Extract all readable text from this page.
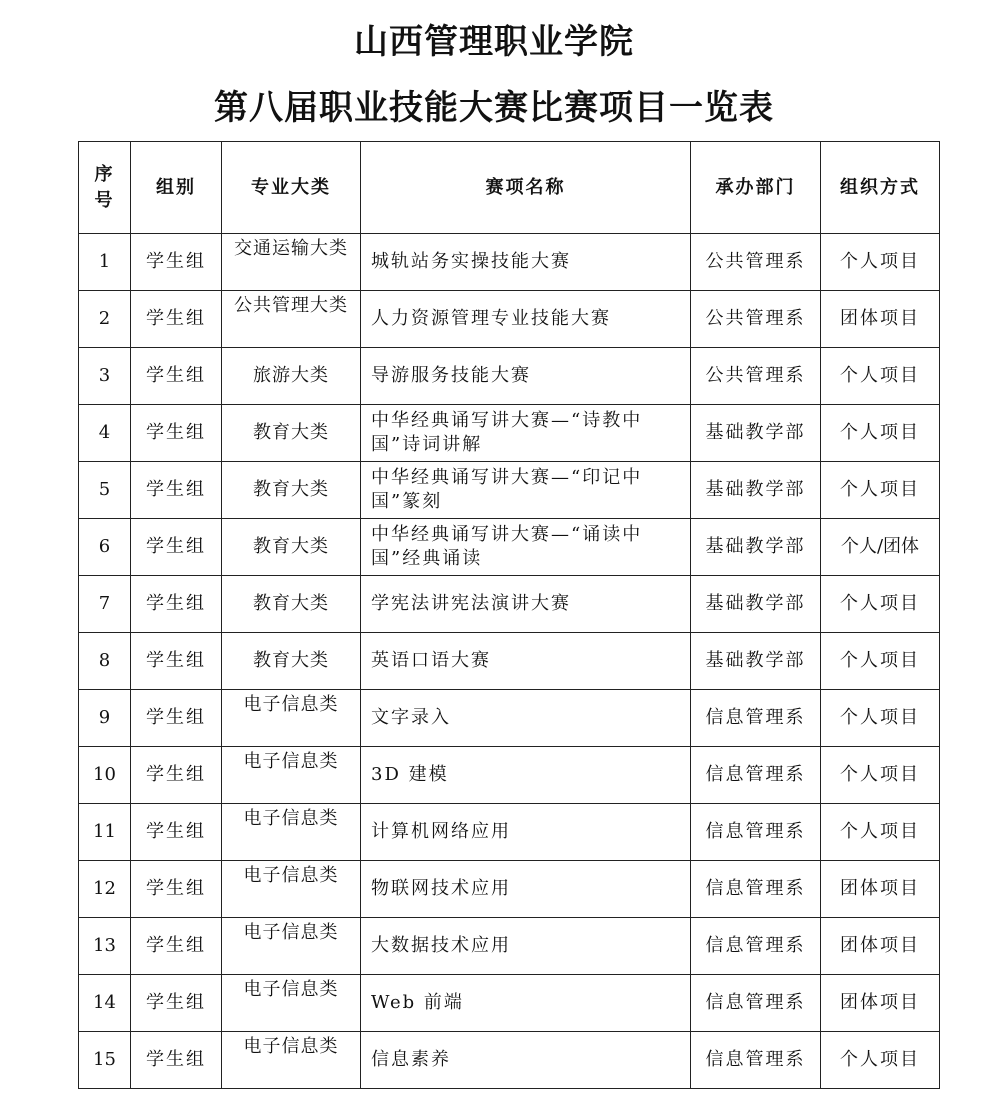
山西管理职业学院
第八届职业技能大赛比赛项目一览表
序
号	组别	专业大类	赛项名称	承办部门	组织方式
1	学生组	交通运输大类	城轨站务实操技能大赛	公共管理系	个人项目
2	学生组	公共管理大类	人力资源管理专业技能大赛	公共管理系	团体项目
3	学生组	旅游大类	导游服务技能大赛	公共管理系	个人项目
4	学生组	教育大类	中华经典诵写讲大赛—“诗教中国”诗词讲解	基础教学部	个人项目
5	学生组	教育大类	中华经典诵写讲大赛—“印记中国”篆刻	基础教学部	个人项目
6	学生组	教育大类	中华经典诵写讲大赛—“诵读中国”经典诵读	基础教学部	个人/团体
7	学生组	教育大类	学宪法讲宪法演讲大赛	基础教学部	个人项目
8	学生组	教育大类	英语口语大赛	基础教学部	个人项目
9	学生组	电子信息类	文字录入	信息管理系	个人项目
10	学生组	电子信息类	3D 建模	信息管理系	个人项目
11	学生组	电子信息类	计算机网络应用	信息管理系	个人项目
12	学生组	电子信息类	物联网技术应用	信息管理系	团体项目
13	学生组	电子信息类	大数据技术应用	信息管理系	团体项目
14	学生组	电子信息类	Web 前端	信息管理系	团体项目
15	学生组	电子信息类	信息素养	信息管理系	个人项目
